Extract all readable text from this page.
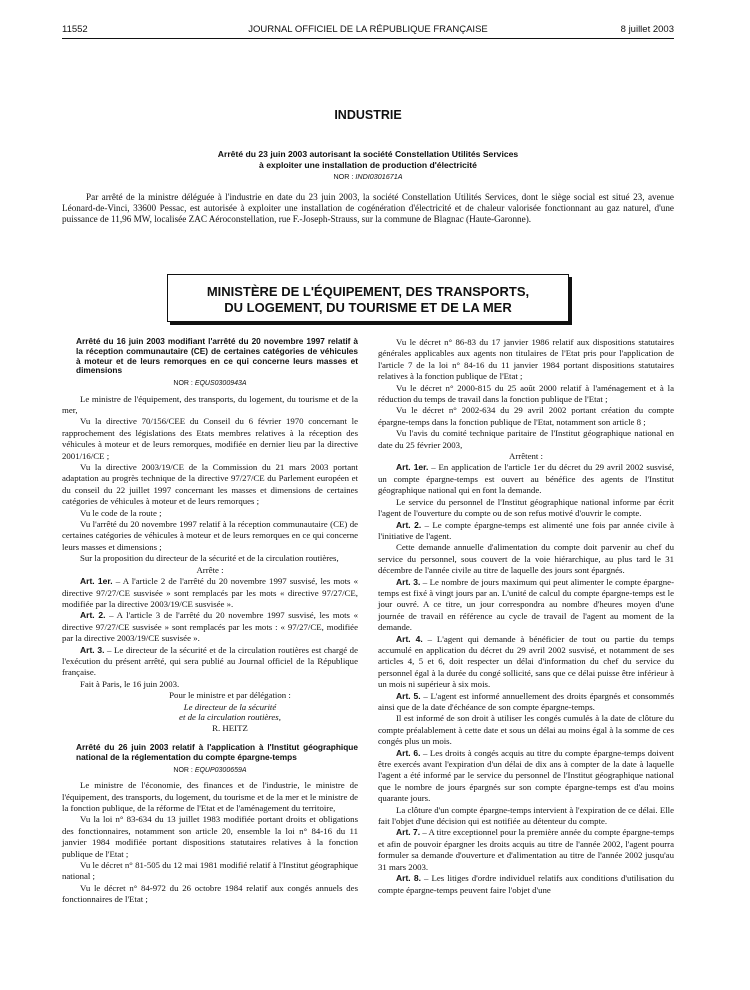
11552	JOURNAL OFFICIEL DE LA RÉPUBLIQUE FRANÇAISE	8 juillet 2003
INDUSTRIE
Arrêté du 23 juin 2003 autorisant la société Constellation Utilités Services
à exploiter une installation de production d'électricité
NOR : INDI0301671A
Par arrêté de la ministre déléguée à l'industrie en date du 23 juin 2003, la société Constellation Utilités Services, dont le siège social est situé 23, avenue Léonard-de-Vinci, 33600 Pessac, est autorisée à exploiter une installation de cogénération d'électricité et de chaleur valorisée fonctionnant au gaz naturel, d'une puissance de 11,96 MW, localisée ZAC Aéroconstellation, rue F.-Joseph-Strauss, sur la commune de Blagnac (Haute-Garonne).
MINISTÈRE DE L'ÉQUIPEMENT, DES TRANSPORTS,
DU LOGEMENT, DU TOURISME ET DE LA MER

Arrêté du 16 juin 2003 modifiant l'arrêté du 20 novembre 1997 relatif à la réception communautaire (CE) de certaines catégories de véhicules à moteur et de leurs remorques en ce qui concerne leurs masses et dimensions

NOR : EQUS0300943A

Le ministre de l'équipement, des transports, du logement, du tourisme et de la mer,

Vu la directive 70/156/CEE du Conseil du 6 février 1970 concernant le rapprochement des législations des Etats membres relatives à la réception des véhicules à moteur et de leurs remorques, modifiée en dernier lieu par la directive 2001/16/CE ;

Vu la directive 2003/19/CE de la Commission du 21 mars 2003 portant adaptation au progrès technique de la directive 97/27/CE du Parlement européen et du conseil du 22 juillet 1997 concernant les masses et dimensions de certaines catégories de véhicules à moteur et de leurs remorques ;

Vu le code de la route ;

Vu l'arrêté du 20 novembre 1997 relatif à la réception communautaire (CE) de certaines catégories de véhicules à moteur et de leurs remorques en ce qui concerne leurs masses et dimensions ;

Sur la proposition du directeur de la sécurité et de la circulation routières,

Arrête :

Art. 1er. – A l'article 2 de l'arrêté du 20 novembre 1997 susvisé, les mots « directive 97/27/CE susvisée » sont remplacés par les mots « directive 97/27/CE, modifiée par la directive 2003/19/CE susvisée ».

Art. 2. – A l'article 3 de l'arrêté du 20 novembre 1997 susvisé, les mots « directive 97/27/CE susvisée » sont remplacés par les mots : « 97/27/CE, modifiée par la directive 2003/19/CE susvisée ».

Art. 3. – Le directeur de la sécurité et de la circulation routières est chargé de l'exécution du présent arrêté, qui sera publié au Journal officiel de la République française.

Fait à Paris, le 16 juin 2003.

Pour le ministre et par délégation :

Le directeur de la sécurité

et de la circulation routières,

R. HEITZ

Arrêté du 26 juin 2003 relatif à l'application à l'Institut géographique national de la réglementation du compte épargne-temps

NOR : EQUP0300659A

Le ministre de l'économie, des finances et de l'industrie, le ministre de l'équipement, des transports, du logement, du tourisme et de la mer et le ministre de la fonction publique, de la réforme de l'Etat et de l'aménagement du territoire,

Vu la loi n° 83-634 du 13 juillet 1983 modifiée portant droits et obligations des fonctionnaires, notamment son article 20, ensemble la loi n° 84-16 du 11 janvier 1984 modifiée portant dispositions statutaires relatives à la fonction publique de l'Etat ;

Vu le décret n° 81-505 du 12 mai 1981 modifié relatif à l'Institut géographique national ;

Vu le décret n° 84-972 du 26 octobre 1984 relatif aux congés annuels des fonctionnaires de l'Etat ;

Vu le décret n° 86-83 du 17 janvier 1986 relatif aux dispositions statutaires générales applicables aux agents non titulaires de l'Etat pris pour l'application de l'article 7 de la loi n° 84-16 du 11 janvier 1984 portant dispositions statutaires relatives à la fonction publique de l'Etat ;

Vu le décret n° 2000-815 du 25 août 2000 relatif à l'aménagement et à la réduction du temps de travail dans la fonction publique de l'Etat ;

Vu le décret n° 2002-634 du 29 avril 2002 portant création du compte épargne-temps dans la fonction publique de l'Etat, notamment son article 8 ;

Vu l'avis du comité technique paritaire de l'Institut géographique national en date du 25 février 2003,

Arrêtent :

Art. 1er. – En application de l'article 1er du décret du 29 avril 2002 susvisé, un compte épargne-temps est ouvert au bénéfice des agents de l'Institut géographique national qui en font la demande.

Le service du personnel de l'Institut géographique national informe par écrit l'agent de l'ouverture du compte ou de son refus motivé d'ouvrir le compte.

Art. 2. – Le compte épargne-temps est alimenté une fois par année civile à l'initiative de l'agent.

Cette demande annuelle d'alimentation du compte doit parvenir au chef du service du personnel, sous couvert de la voie hiérarchique, au plus tard le 31 décembre de l'année civile au titre de laquelle des jours sont épargnés.

Art. 3. – Le nombre de jours maximum qui peut alimenter le compte épargne-temps est fixé à vingt jours par an. L'unité de calcul du compte épargne-temps est le jour ouvré. A ce titre, un jour correspondra au nombre d'heures moyen d'une journée de travail en référence au cycle de travail de l'agent au moment de la demande.

Art. 4. – L'agent qui demande à bénéficier de tout ou partie du temps accumulé en application du décret du 29 avril 2002 susvisé, et notamment de ses articles 4, 5 et 6, doit respecter un délai d'information du chef du service du personnel égal à la durée du congé sollicité, sans que ce délai puisse être inférieur à un mois ni supérieur à six mois.

Art. 5. – L'agent est informé annuellement des droits épargnés et consommés ainsi que de la date d'échéance de son compte épargne-temps.

Il est informé de son droit à utiliser les congés cumulés à la date de clôture du compte préalablement à cette date et sous un délai au moins égal à la somme de ces congés plus un mois.

Art. 6. – Les droits à congés acquis au titre du compte épargne-temps doivent être exercés avant l'expiration d'un délai de dix ans à compter de la date à laquelle l'agent a été informé par le service du personnel de l'Institut géographique national que le nombre de jours épargnés sur son compte épargne-temps est d'au moins quarante jours.

La clôture d'un compte épargne-temps intervient à l'expiration de ce délai. Elle fait l'objet d'une décision qui est notifiée au détenteur du compte.

Art. 7. – A titre exceptionnel pour la première année du compte épargne-temps et afin de pouvoir épargner les droits acquis au titre de l'année 2002, l'agent pourra formuler sa demande d'ouverture et d'alimentation au titre de l'année 2002 jusqu'au 31 mars 2003.

Art. 8. – Les litiges d'ordre individuel relatifs aux conditions d'utilisation du compte épargne-temps peuvent faire l'objet d'une
